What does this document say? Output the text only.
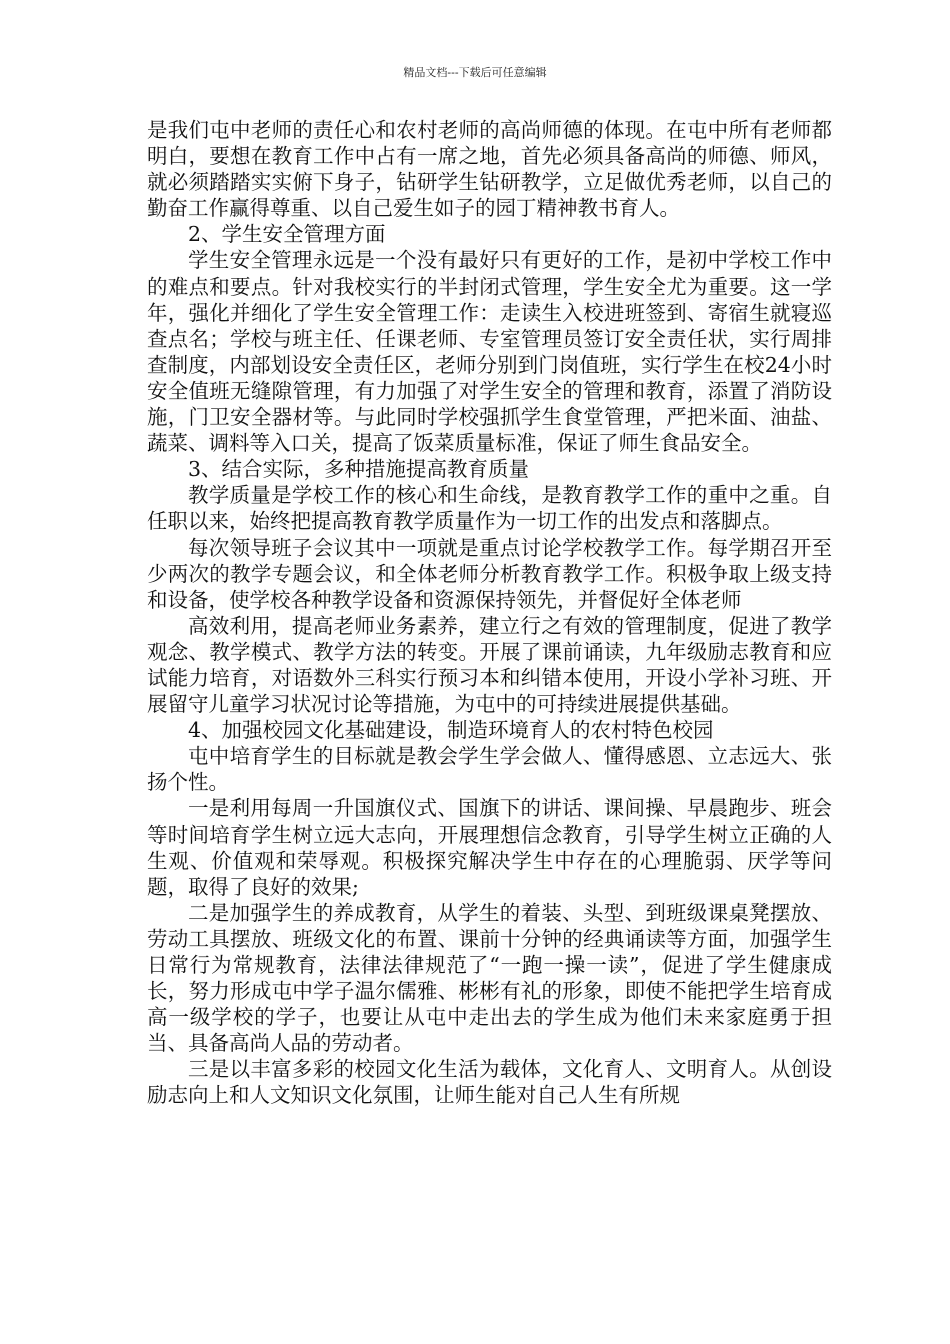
精品文档---下载后可任意编辑

是我们屯中老师的责任心和农村老师的高尚师德的体现。在屯中所有老师都明白，要想在教育工作中占有一席之地，首先必须具备高尚的师德、师风，就必须踏踏实实俯下身子，钻研学生钻研教学，立足做优秀老师，以自己的勤奋工作赢得尊重、以自己爱生如子的园丁精神教书育人。

2、学生安全管理方面

学生安全管理永远是一个没有最好只有更好的工作，是初中学校工作中的难点和要点。针对我校实行的半封闭式管理，学生安全尤为重要。这一学年，强化并细化了学生安全管理工作：走读生入校进班签到、寄宿生就寝巡查点名；学校与班主任、任课老师、专室管理员签订安全责任状，实行周排查制度，内部划设安全责任区，老师分别到门岗值班，实行学生在校24小时安全值班无缝隙管理，有力加强了对学生安全的管理和教育，添置了消防设施，门卫安全器材等。与此同时学校强抓学生食堂管理，严把米面、油盐、蔬菜、调料等入口关，提高了饭菜质量标准，保证了师生食品安全。

3、结合实际，多种措施提高教育质量

教学质量是学校工作的核心和生命线，是教育教学工作的重中之重。自任职以来，始终把提高教育教学质量作为一切工作的出发点和落脚点。

每次领导班子会议其中一项就是重点讨论学校教学工作。每学期召开至少两次的教学专题会议，和全体老师分析教育教学工作。积极争取上级支持和设备，使学校各种教学设备和资源保持领先，并督促好全体老师

高效利用，提高老师业务素养，建立行之有效的管理制度，促进了教学观念、教学模式、教学方法的转变。开展了课前诵读，九年级励志教育和应试能力培育，对语数外三科实行预习本和纠错本使用，开设小学补习班、开展留守儿童学习状况讨论等措施，为屯中的可持续进展提供基础。

4、加强校园文化基础建设，制造环境育人的农村特色校园

屯中培育学生的目标就是教会学生学会做人、懂得感恩、立志远大、张扬个性。

一是利用每周一升国旗仪式、国旗下的讲话、课间操、早晨跑步、班会等时间培育学生树立远大志向，开展理想信念教育，引导学生树立正确的人生观、价值观和荣辱观。积极探究解决学生中存在的心理脆弱、厌学等问题，取得了良好的效果;

二是加强学生的养成教育，从学生的着装、头型、到班级课桌凳摆放、劳动工具摆放、班级文化的布置、课前十分钟的经典诵读等方面，加强学生日常行为常规教育，法律法律规范了“一跑一操一读”，促进了学生健康成长，努力形成屯中学子温尔儒雅、彬彬有礼的形象，即使不能把学生培育成高一级学校的学子，也要让从屯中走出去的学生成为他们未来家庭勇于担当、具备高尚人品的劳动者。

三是以丰富多彩的校园文化生活为载体，文化育人、文明育人。从创设励志向上和人文知识文化氛围，让师生能对自己人生有所规
